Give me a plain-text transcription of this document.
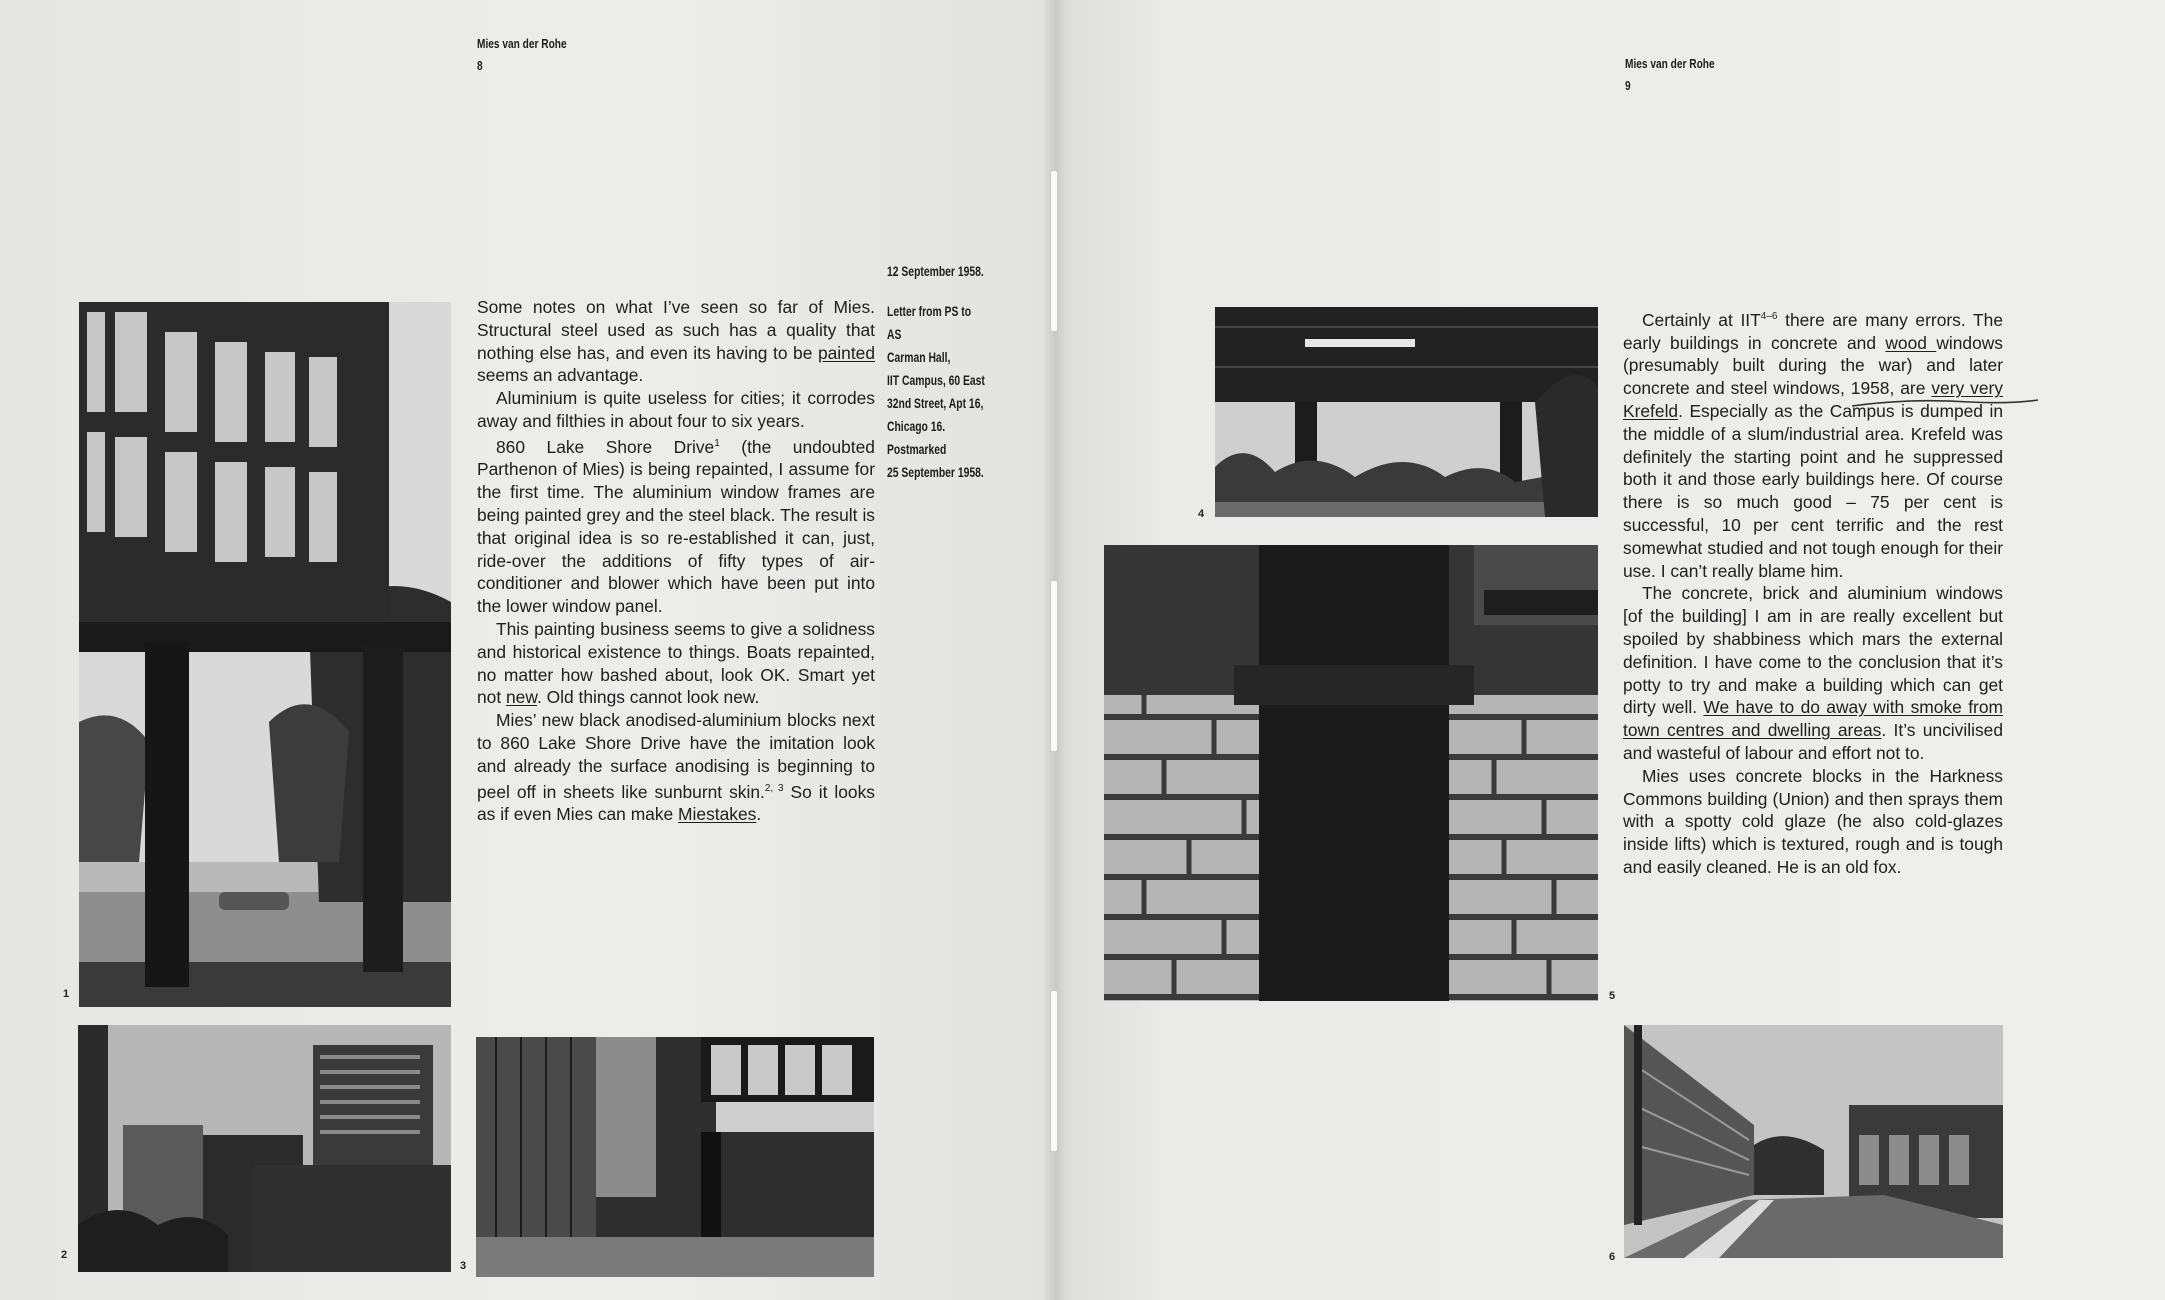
Mies van der Rohe
8
12 September 1958.
Letter from PS to
AS
Carman Hall,
IIT Campus, 60 East
32nd Street, Apt 16,
Chicago 16.
Postmarked
25 September 1958.

Some notes on what I’ve seen so far of Mies. Structural steel used as such has a quality that nothing else has, and even its having to be painted seems an advantage.

Aluminium is quite useless for cities; it corrodes away and filthies in about four to six years.

860 Lake Shore Drive$^1$ (the undoubted Parthenon of Mies) is being repainted, I assume for the first time. The aluminium window frames are being painted grey and the steel black. The result is that original idea is so re-established it can, just, ride-over the additions of fifty types of air-conditioner and blower which have been put into the lower window panel.

This painting business seems to give a solidness and historical existence to things. Boats repainted, no matter how bashed about, look OK. Smart yet not new. Old things cannot look new.

Mies’ new black anodised-aluminium blocks next to 860 Lake Shore Drive have the imitation look and already the surface anodising is beginning to peel off in sheets like sunburnt skin.$^{2, 3}$ So it looks as if even Mies can make Miestakes.

1
2
3
Mies van der Rohe
9

Certainly at IIT$^{4-6}$ there are many errors. The early buildings in concrete and wood windows (presumably built during the war) and later concrete and steel windows, 1958, are very very Krefeld. Especially as the Campus is dumped in the middle of a slum/industrial area. Krefeld was definitely the starting point and he suppressed both it and those early buildings here. Of course there is so much good – 75 per cent is successful, 10 per cent terrific and the rest somewhat studied and not tough enough for their use. I can’t really blame him.

The concrete, brick and aluminium windows [of the building] I am in are really excellent but spoiled by shabbiness which mars the external definition. I have come to the conclusion that it’s potty to try and make a building which can get dirty well. We have to do away with smoke from town centres and dwelling areas. It’s uncivilised and wasteful of labour and effort not to.

Mies uses concrete blocks in the Harkness Commons building (Union) and then sprays them with a spotty cold glaze (he also cold-glazes inside lifts) which is textured, rough and is tough and easily cleaned. He is an old fox.

4
5
6
